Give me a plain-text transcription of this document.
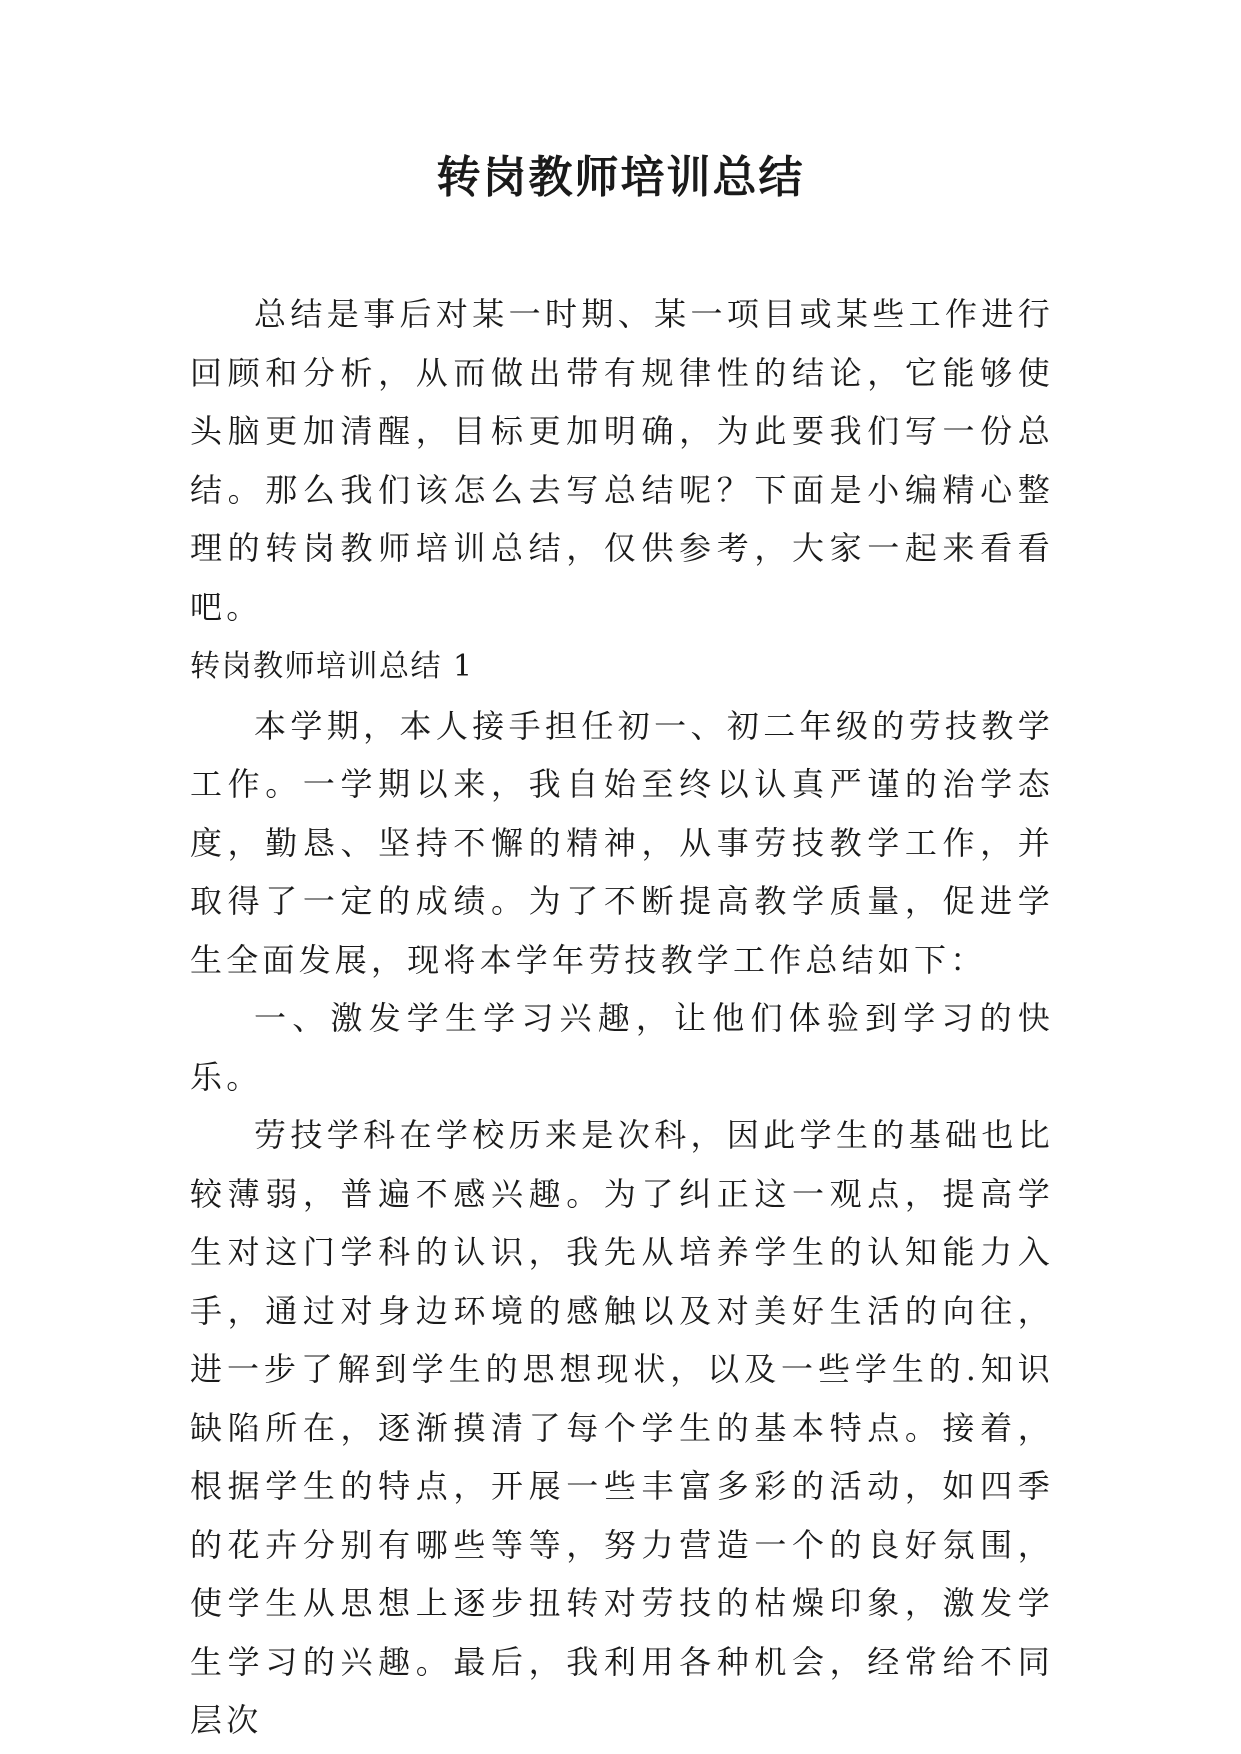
转岗教师培训总结

总结是事后对某一时期、某一项目或某些工作进行回顾和分析，从而做出带有规律性的结论，它能够使头脑更加清醒，目标更加明确，为此要我们写一份总结。那么我们该怎么去写总结呢？下面是小编精心整理的转岗教师培训总结，仅供参考，大家一起来看看吧。

转岗教师培训总结 1

本学期，本人接手担任初一、初二年级的劳技教学工作。一学期以来，我自始至终以认真严谨的治学态度，勤恳、坚持不懈的精神，从事劳技教学工作，并取得了一定的成绩。为了不断提高教学质量，促进学生全面发展，现将本学年劳技教学工作总结如下：

一、激发学生学习兴趣，让他们体验到学习的快乐。

劳技学科在学校历来是次科，因此学生的基础也比较薄弱，普遍不感兴趣。为了纠正这一观点，提高学生对这门学科的认识，我先从培养学生的认知能力入手，通过对身边环境的感触以及对美好生活的向往，进一步了解到学生的思想现状，以及一些学生的.知识缺陷所在，逐渐摸清了每个学生的基本特点。接着，根据学生的特点，开展一些丰富多彩的活动，如四季的花卉分别有哪些等等，努力营造一个的良好氛围，使学生从思想上逐步扭转对劳技的枯燥印象，激发学生学习的兴趣。最后，我利用各种机会，经常给不同层次
